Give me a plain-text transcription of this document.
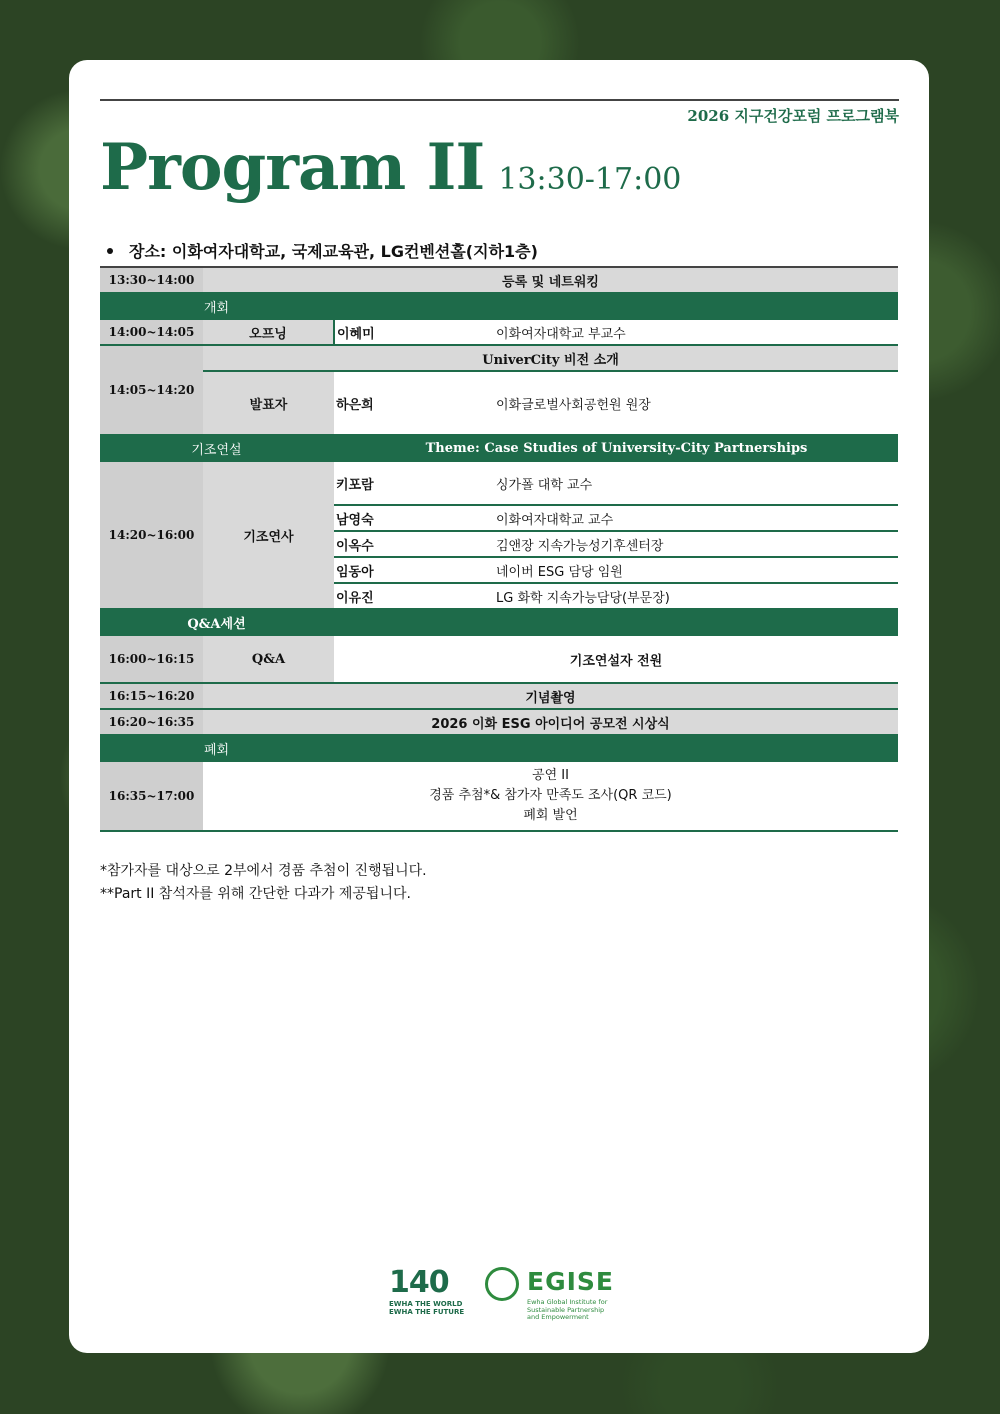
2026 지구건강포럼 프로그램북
Program II 13:30-17:00
장소: 이화여자대학교, 국제교육관, LG컨벤션홀(지하1층)
13:30~14:00	등록 및 네트워킹		
개회			
14:00~14:05	오프닝	이혜미	이화여자대학교 부교수
14:05~14:20	UniverCity 비전 소개		
	발표자	하은희	이화글로벌사회공헌원 원장
기조연설		Theme: Case Studies of University-City Partnerships	
14:20~16:00	기조연사	키포람	싱가폴 대학 교수
		남영숙	이화여자대학교 교수
		이옥수	김앤장 지속가능성기후센터장
		임동아	네이버 ESG 담당 임원
		이유진	LG 화학 지속가능담당(부문장)
Q&A세션			
16:00~16:15	Q&A	기조연설자 전원	
16:15~16:20	기념촬영		
16:20~16:35	2026 이화 ESG 아이디어 공모전 시상식		
폐회			
16:35~17:00	공연 II
경품 추첨*& 참가자 만족도 조사(QR 코드)
폐회 발언		
*참가자를 대상으로 2부에서 경품 추첨이 진행됩니다.
**Part II 참석자를 위해 간단한 다과가 제공됩니다.
140
EWHA THE WORLD
EWHA THE FUTURE
EGISE
Ewha Global Institute for
Sustainable Partnership
and Empowerment
